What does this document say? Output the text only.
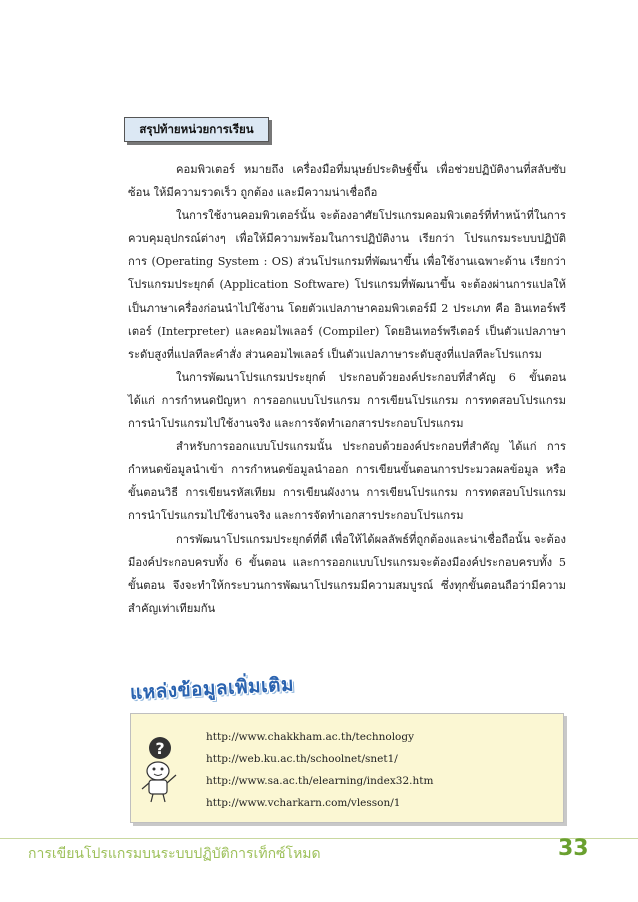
สรุปท้ายหน่วยการเรียน

คอมพิวเตอร์ หมายถึง เครื่องมือที่มนุษย์ประดิษฐ์ขึ้น เพื่อช่วยปฏิบัติงานที่สลับซับซ้อน ให้มีความรวดเร็ว ถูกต้อง และมีความน่าเชื่อถือ

ในการใช้งานคอมพิวเตอร์นั้น จะต้องอาศัยโปรแกรมคอมพิวเตอร์ที่ทำหน้าที่ในการควบคุมอุปกรณ์ต่างๆ เพื่อให้มีความพร้อมในการปฏิบัติงาน เรียกว่า โปรแกรมระบบปฏิบัติการ (Operating System : OS) ส่วนโปรแกรมที่พัฒนาขึ้น เพื่อใช้งานเฉพาะด้าน เรียกว่า โปรแกรมประยุกต์ (Application Software) โปรแกรมที่พัฒนาขึ้น จะต้องผ่านการแปลให้เป็นภาษาเครื่องก่อนนำไปใช้งาน โดยตัวแปลภาษาคอมพิวเตอร์มี 2 ประเภท คือ อินเทอร์พรีเตอร์ (Interpreter) และคอมไพเลอร์ (Compiler) โดยอินเทอร์พรีเตอร์ เป็นตัวแปลภาษาระดับสูงที่แปลทีละคำสั่ง ส่วนคอมไพเลอร์ เป็นตัวแปลภาษาระดับสูงที่แปลทีละโปรแกรม

ในการพัฒนาโปรแกรมประยุกต์ ประกอบด้วยองค์ประกอบที่สำคัญ 6 ขั้นตอน ได้แก่ การกำหนดปัญหา การออกแบบโปรแกรม การเขียนโปรแกรม การทดสอบโปรแกรม การนำโปรแกรมไปใช้งานจริง และการจัดทำเอกสารประกอบโปรแกรม

สำหรับการออกแบบโปรแกรมนั้น ประกอบด้วยองค์ประกอบที่สำคัญ ได้แก่ การกำหนดข้อมูลนำเข้า การกำหนดข้อมูลนำออก การเขียนขั้นตอนการประมวลผลข้อมูล หรือขั้นตอนวิธี การเขียนรหัสเทียม การเขียนผังงาน การเขียนโปรแกรม การทดสอบโปรแกรม การนำโปรแกรมไปใช้งานจริง และการจัดทำเอกสารประกอบโปรแกรม

การพัฒนาโปรแกรมประยุกต์ที่ดี เพื่อให้ได้ผลลัพธ์ที่ถูกต้องและน่าเชื่อถือนั้น จะต้องมีองค์ประกอบครบทั้ง 6 ขั้นตอน และการออกแบบโปรแกรมจะต้องมีองค์ประกอบครบทั้ง 5 ขั้นตอน จึงจะทำให้กระบวนการพัฒนาโปรแกรมมีความสมบูรณ์ ซึ่งทุกขั้นตอนถือว่ามีความสำคัญเท่าเทียมกัน

แหล่งข้อมูลเพิ่มเติม
?
http://www.chakkham.ac.th/technology
http://web.ku.ac.th/schoolnet/snet1/
http://www.sa.ac.th/elearning/index32.htm
http://www.vcharkarn.com/vlesson/1
การเขียนโปรแกรมบนระบบปฏิบัติการเท็กซ์โหมด	33
